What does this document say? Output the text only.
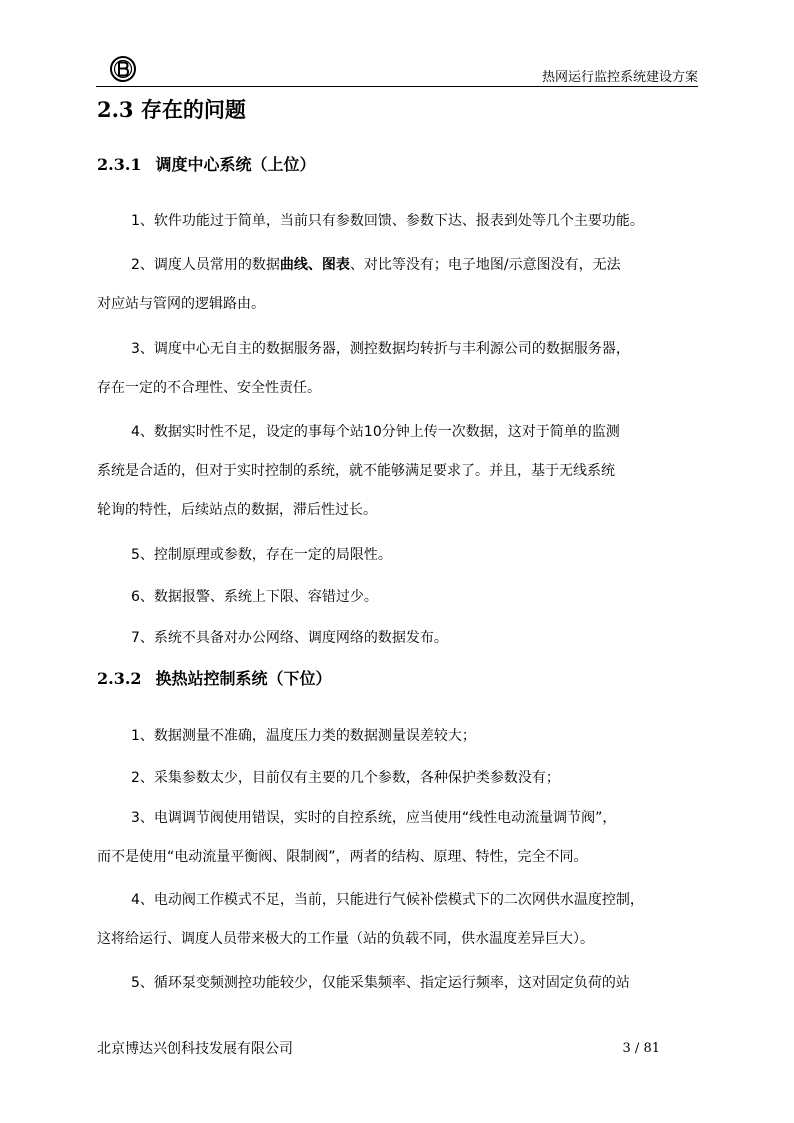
热网运行监控系统建设方案
2.3 存在的问题
2.3.1 调度中心系统（上位）

1、软件功能过于简单，当前只有参数回馈、参数下达、报表到处等几个主要功能。

2、调度人员常用的数据曲线、图表、对比等没有；电子地图/示意图没有，无法

对应站与管网的逻辑路由。

3、调度中心无自主的数据服务器，测控数据均转折与丰利源公司的数据服务器，

存在一定的不合理性、安全性责任。

4、数据实时性不足，设定的事每个站10分钟上传一次数据，这对于简单的监测

系统是合适的，但对于实时控制的系统，就不能够满足要求了。并且，基于无线系统

轮询的特性，后续站点的数据，滞后性过长。

5、控制原理或参数，存在一定的局限性。

6、数据报警、系统上下限、容错过少。

7、系统不具备对办公网络、调度网络的数据发布。

2.3.2 换热站控制系统（下位）

1、数据测量不准确，温度压力类的数据测量误差较大；

2、采集参数太少，目前仅有主要的几个参数，各种保护类参数没有；

3、电调调节阀使用错误，实时的自控系统，应当使用“线性电动流量调节阀”，

而不是使用“电动流量平衡阀、限制阀”，两者的结构、原理、特性，完全不同。

4、电动阀工作模式不足，当前，只能进行气候补偿模式下的二次网供水温度控制，

这将给运行、调度人员带来极大的工作量（站的负载不同，供水温度差异巨大）。

5、循环泵变频测控功能较少，仅能采集频率、指定运行频率，这对固定负荷的站

北京博达兴创科技发展有限公司	3 / 81
